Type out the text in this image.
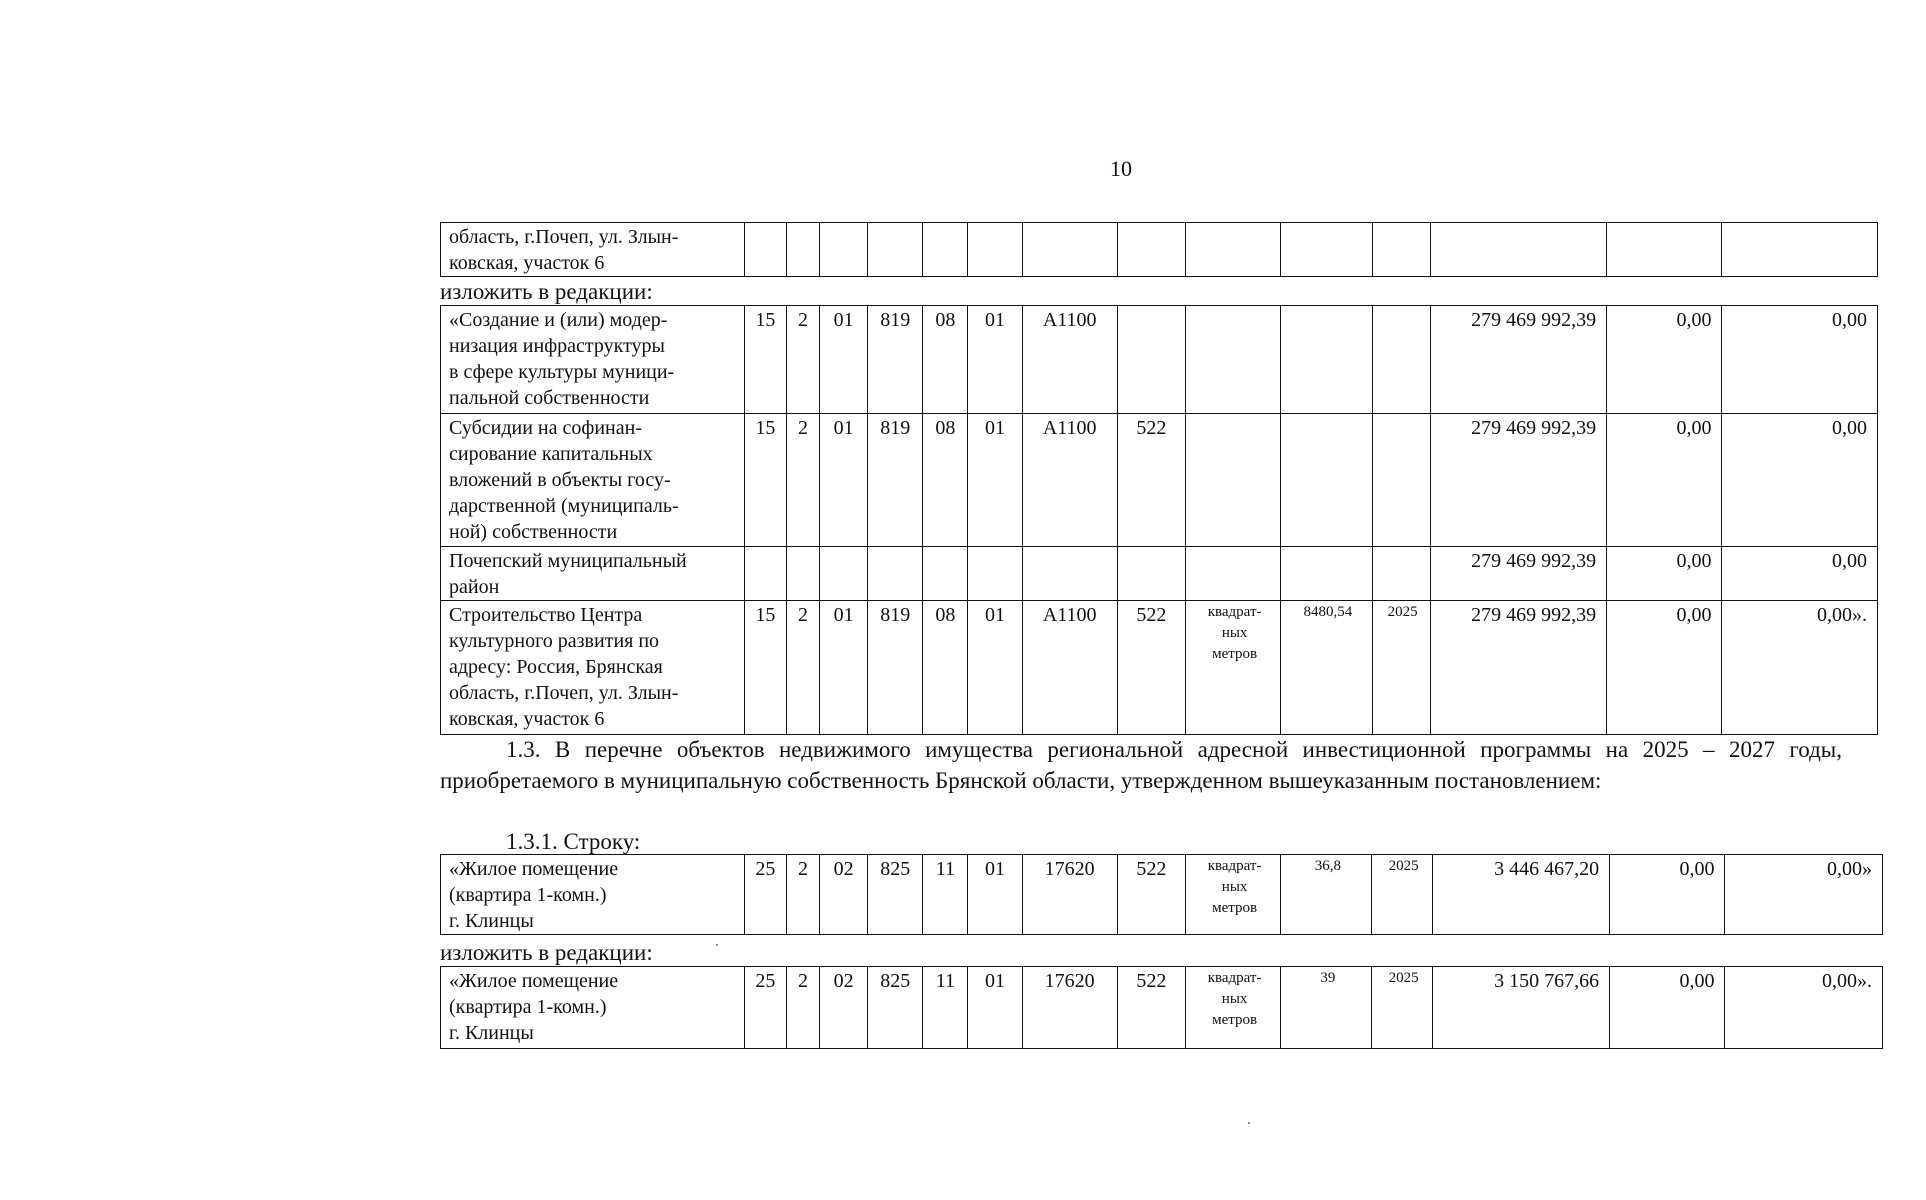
10
область, г.Почеп, ул. Злын-
ковская, участок 6														
изложить в редакции:
«Создание и (или) модер-
низация инфраструктуры
в сфере культуры муници-
пальной собственности	15	2	01	819	08	01	А1100					279 469 992,39	0,00	0,00
Субсидии на софинан-
сирование капитальных
вложений в объекты госу-
дарственной (муниципаль-
ной) собственности	15	2	01	819	08	01	А1100	522				279 469 992,39	0,00	0,00
Почепский муниципальный
район												279 469 992,39	0,00	0,00
Строительство Центра
культурного развития по
адресу: Россия, Брянская
область, г.Почеп, ул. Злын-
ковская, участок 6	15	2	01	819	08	01	А1100	522	квадрат-
ных
метров	8480,54	2025	279 469 992,39	0,00	0,00».
1.3. В перечне объектов недвижимого имущества региональной адресной инвестиционной программы на 2025 – 2027 годы, приобретаемого в муниципальную собственность Брянской области, утвержденном вышеуказанным постановлением:
1.3.1. Строку:
«Жилое помещение
(квартира 1-комн.)
г. Клинцы	25	2	02	825	11	01	17620	522	квадрат-
ных
метров	36,8	2025	3 446 467,20	0,00	0,00»
изложить в редакции:
«Жилое помещение
(квартира 1-комн.)
г. Клинцы	25	2	02	825	11	01	17620	522	квадрат-
ных
метров	39	2025	3 150 767,66	0,00	0,00».
